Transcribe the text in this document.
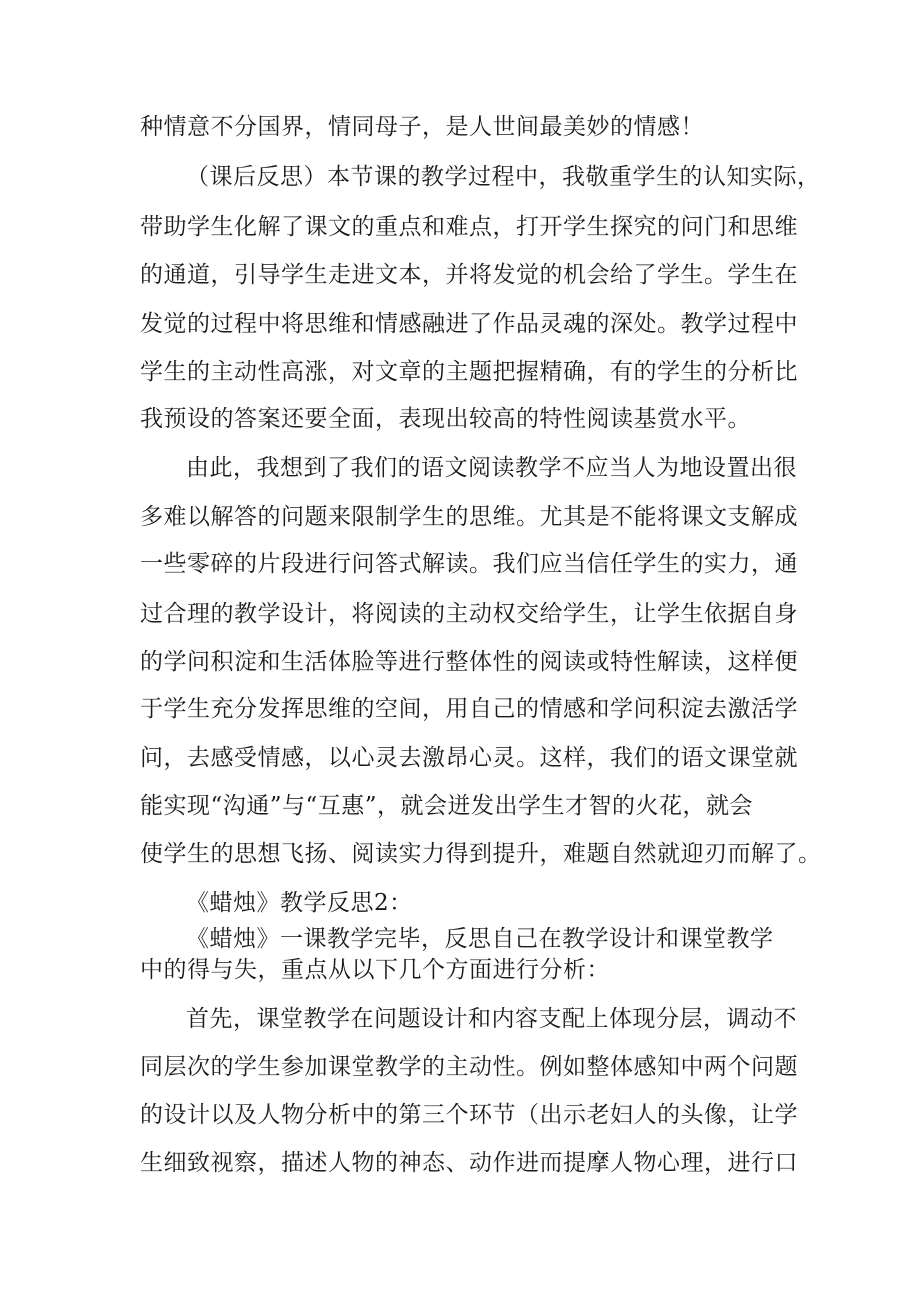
种情意不分国界，情同母子，是人世间最美妙的情感！
（课后反思）本节课的教学过程中，我敬重学生的认知实际，
带助学生化解了课文的重点和难点，打开学生探究的问门和思维
的通道，引导学生走进文本，并将发觉的机会给了学生。学生在
发觉的过程中将思维和情感融进了作品灵魂的深处。教学过程中
学生的主动性高涨，对文章的主题把握精确，有的学生的分析比
我预设的答案还要全面，表现出较高的特性阅读基赏水平。
由此，我想到了我们的语文阅读教学不应当人为地设置出很
多难以解答的问题来限制学生的思维。尤其是不能将课文支解成
一些零碎的片段进行问答式解读。我们应当信任学生的实力，通
过合理的教学设计，将阅读的主动权交给学生，让学生依据自身
的学问积淀和生活体脸等进行整体性的阅读或特性解读，这样便
于学生充分发挥思维的空间，用自己的情感和学问积淀去激活学
问，去感受情感，以心灵去激昂心灵。这样，我们的语文课堂就
能实现“沟通”与“互惠”，就会迸发出学生才智的火花，就会
使学生的思想飞扬、阅读实力得到提升，难题自然就迎刃而解了。
《蜡烛》教学反思2：
《蜡烛》一课教学完毕，反思自己在教学设计和课堂教学
中的得与失，重点从以下几个方面进行分析：
首先，课堂教学在问题设计和内容支配上体现分层，调动不
同层次的学生参加课堂教学的主动性。例如整体感知中两个问题
的设计以及人物分析中的第三个环节（出示老妇人的头像，让学
生细致视察，描述人物的神态、动作进而提摩人物心理，进行口
